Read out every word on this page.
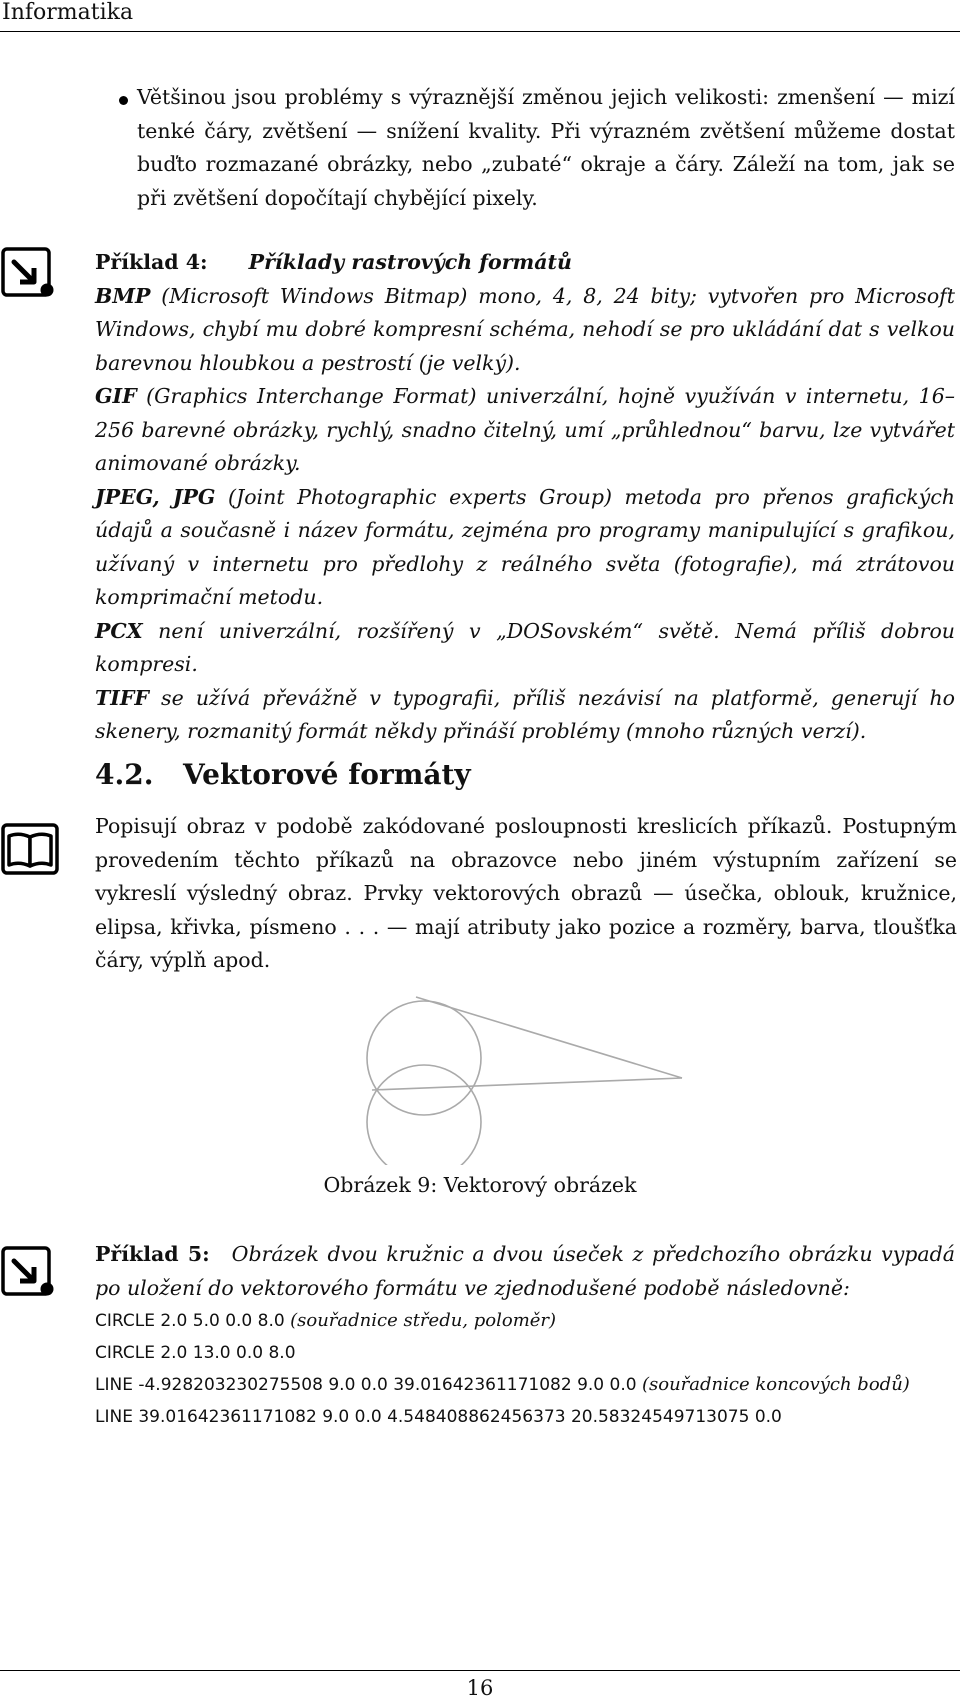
Informatika
Většinou jsou problémy s výraznější změnou jejich velikosti: zmenšení — mizí tenké čáry, zvětšení — snížení kvality. Při výrazném zvětšení můžeme dostat buďto rozmazané obrázky, nebo „zubaté“ okraje a čáry. Záleží na tom, jak se při zvětšení dopočítají chybějící pixely.
Příklad 4: Příklady rastrových formátů

BMP (Microsoft Windows Bitmap) mono, 4, 8, 24 bity; vytvořen pro Microsoft Windows, chybí mu dobré kompresní schéma, nehodí se pro ukládání dat s velkou barevnou hloubkou a pestrostí (je velký).

GIF (Graphics Interchange Format) univerzální, hojně využíván v internetu, 16–256 barevné obrázky, rychlý, snadno čitelný, umí „průhlednou“ barvu, lze vytvářet animované obrázky.

JPEG, JPG (Joint Photographic experts Group) metoda pro přenos grafických údajů a současně i název formátu, zejména pro programy manipulující s grafikou, užívaný v internetu pro předlohy z reálného světa (fotografie), má ztrátovou komprimační metodu.

PCX není univerzální, rozšířený v „DOSovském“ světě. Nemá příliš dobrou kompresi.

TIFF se užívá převážně v typografii, příliš nezávisí na platformě, generují ho skenery, rozmanitý formát někdy přináší problémy (mnoho různých verzí).

4.2. Vektorové formáty
Popisují obraz v podobě zakódované posloupnosti kreslicích příkazů. Postupným provedením těchto příkazů na obrazovce nebo jiném výstupním zařízení se vykreslí výsledný obraz. Prvky vektorových obrazů — úsečka, oblouk, kružnice, elipsa, křivka, písmeno . . . — mají atributy jako pozice a rozměry, barva, tloušťka čáry, výplň apod.
Obrázek 9: Vektorový obrázek
Příklad 5: Obrázek dvou kružnic a dvou úseček z předchozího obrázku vypadá po uložení do vektorového formátu ve zjednodušené podobě následovně:
CIRCLE 2.0 5.0 0.0 8.0 (souřadnice středu, poloměr)
CIRCLE 2.0 13.0 0.0 8.0
LINE -4.928203230275508 9.0 0.0 39.01642361171082 9.0 0.0 (souřadnice koncových bodů)
LINE 39.01642361171082 9.0 0.0 4.548408862456373 20.58324549713075 0.0
16
